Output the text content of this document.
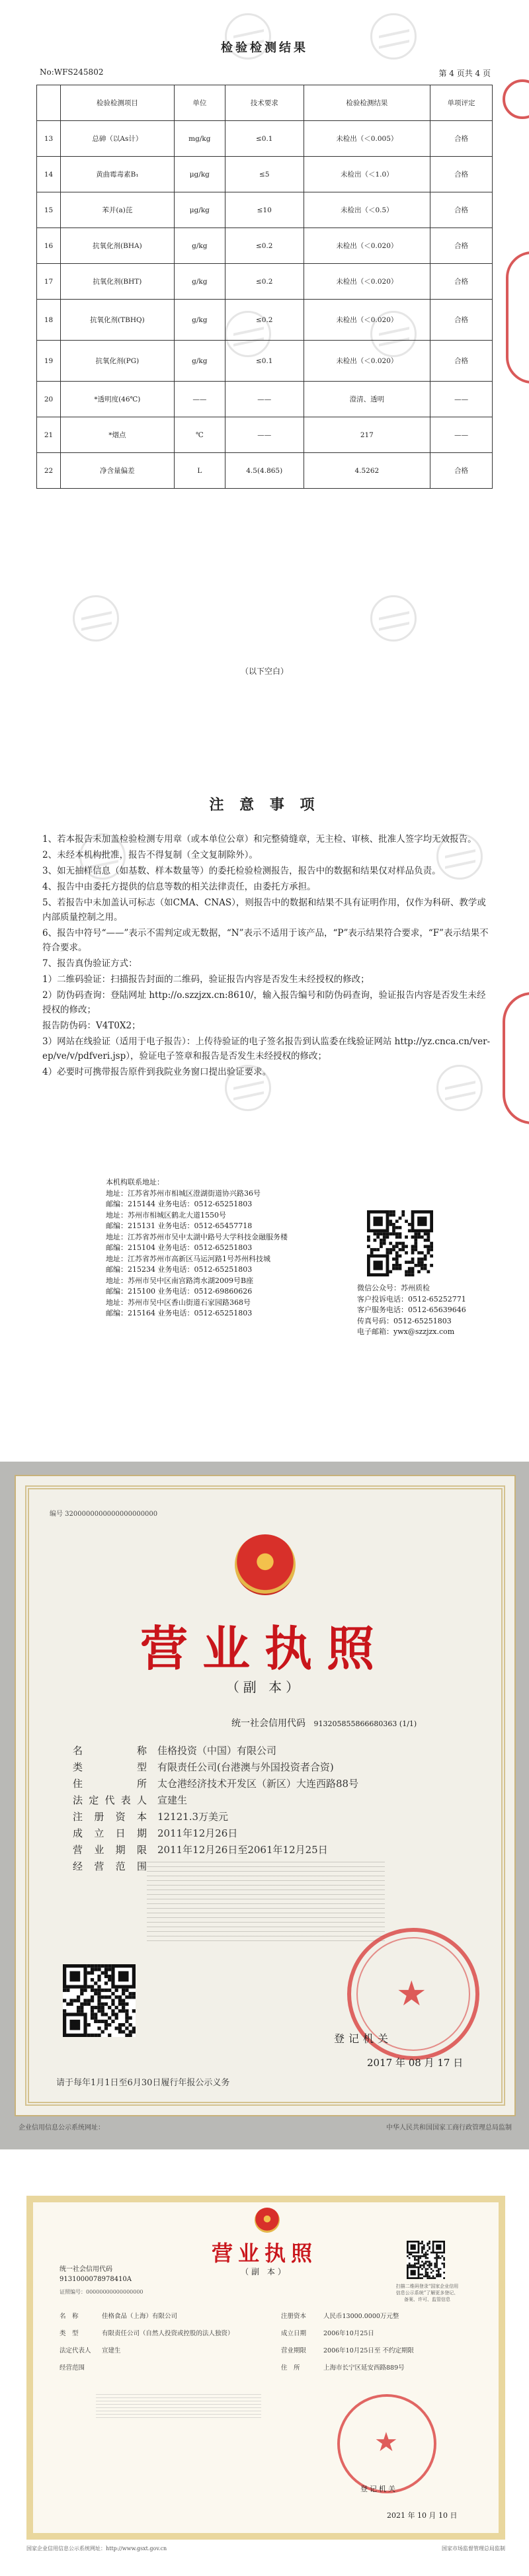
检验检测结果
No:WFS245802	第 4 页共 4 页
	检验检测项目	单位	技术要求	检验检测结果	单项评定
13	总砷（以As计）	mg/kg	≤0.1	未检出（＜0.005）	合格
14	黄曲霉毒素B₁	μg/kg	≤5	未检出（＜1.0）	合格
15	苯并(a)芘	μg/kg	≤10	未检出（＜0.5）	合格
16	抗氧化剂(BHA)	g/kg	≤0.2	未检出（＜0.020）	合格
17	抗氧化剂(BHT)	g/kg	≤0.2	未检出（＜0.020）	合格
18	抗氧化剂(TBHQ)	g/kg	≤0.2	未检出（＜0.020）	合格
19	抗氧化剂(PG)	g/kg	≤0.1	未检出（＜0.020）	合格
20	*透明度(46℃)	——	——	澄清、透明	——
21	*烟点	℃	——	217	——
22	净含量偏差	L	4.5(4.865)	4.5262	合格
（以下空白）
注 意 事 项

1、若本报告未加盖检验检测专用章（或本单位公章）和完整骑缝章，无主检、审核、批准人签字均无效报告。

2、未经本机构批准，报告不得复制（全文复制除外）。

3、如无抽样信息（如基数、样本数量等）的委托检验检测报告，报告中的数据和结果仅对样品负责。

4、报告中由委托方提供的信息等数的相关法律责任，由委托方承担。

5、若报告中未加盖认可标志（如CMA、CNAS），则报告中的数据和结果不具有证明作用，仅作为科研、教学或内部质量控制之用。

6、报告中符号“——”表示不需判定或无数据，“N”表示不适用于该产品，“P”表示结果符合要求，“F”表示结果不符合要求。

7、报告真伪验证方式：

1）二维码验证：扫描报告封面的二维码，验证报告内容是否发生未经授权的修改；

2）防伪码查询：登陆网址 http://o.szzjzx.cn:8610/，输入报告编号和防伪码查询，验证报告内容是否发生未经授权的修改；

报告防伪码：V4T0X2；

3）网站在线验证（适用于电子报告）：上传待验证的电子签名报告到认监委在线验证网站 http://yz.cnca.cn/ver-ep/ve/v/pdfveri.jsp），验证电子签章和报告是否发生未经授权的修改；

4）必要时可携带报告原件到我院业务窗口提出验证要求。

本机构联系地址：

地址：江苏省苏州市相城区澄湖街道协兴路36号

邮编：215144 业务电话：0512-65251803

地址：苏州市相城区鹤北大道1550号

邮编：215131 业务电话：0512-65457718

地址：江苏省苏州市吴中太湖中路号大学科技金融服务楼

邮编：215104 业务电话：0512-65251803

地址：江苏省苏州市高新区马运河路1号苏州科技城

邮编：215234 业务电话：0512-65251803

地址：苏州市吴中区南宫路湾水湖2009号B座

邮编：215100 业务电话：0512-69860626

地址：苏州市吴中区香山街道石家园路368号

邮编：215164 业务电话：0512-65251803

微信公众号：苏州质检

客户投诉电话：0512-65252771

客户服务电话：0512-65639646

传真号码：0512-65251803

电子邮箱：ywx@szzjzx.com

编号 3200000000000000000000
营业执照
（副 本）
统一社会信用代码 913205855866680363 (1/1)
名　　称 佳格投资（中国）有限公司
类　　型 有限责任公司(台港澳与外国投资者合资)
住　　所 太仓港经济技术开发区（新区）大连西路88号
法定代表人 宣建生
注册资本 12121.3万美元
成立日期 2011年12月26日
营业期限 2011年12月26日至2061年12月25日
经营范围
★
登记机关
2017 年 08 月 17 日
请于每年1月1日至6月30日履行年报公示义务
企业信用信息公示系统网址：	中华人民共和国国家工商行政管理总局监制
营业执照
（副 本）
统一社会信用代码
9131000078978410A
证照编号：00000000000000000
扫描二维码登录“国家企业信用信息公示系统”了解更多登记、备案、许可、监管信息
名　称	佳格食品（上海）有限公司
类　型	有限责任公司（自然人投资或控股的法人独资）
法定代表人	宣建生
经营范围
注册资本	人民币13000.0000万元整
成立日期	2006年10月25日
营业期限	2006年10月25日至 不约定期限
住　所	上海市长宁区延安西路889号
★
登记机关
2021 年 10 月 10 日
国家企业信用信息公示系统网址：http://www.gsxt.gov.cn	国家市场监督管理总局监制
